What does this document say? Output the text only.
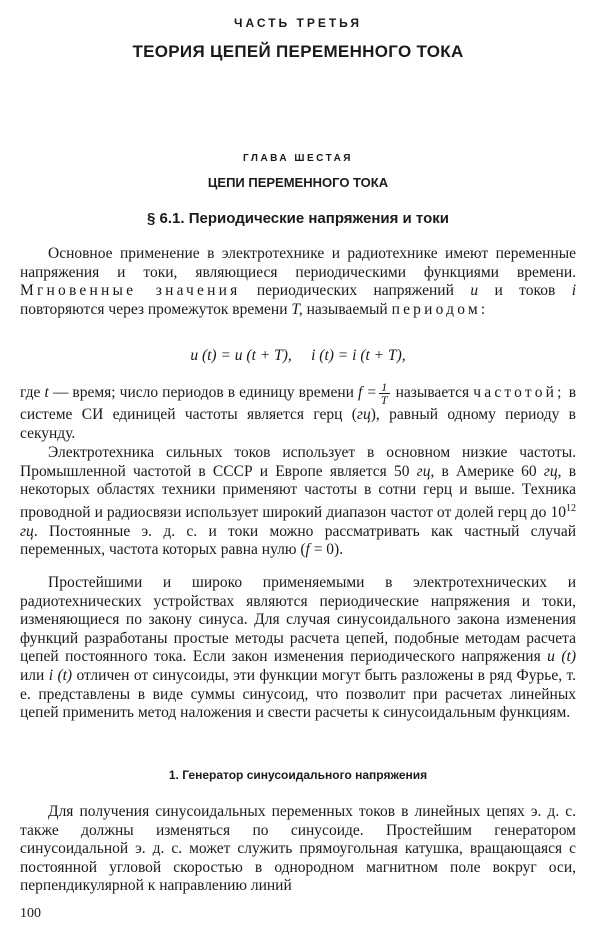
ЧАСТЬ ТРЕТЬЯ
ТЕОРИЯ ЦЕПЕЙ ПЕРЕМЕННОГО ТОКА
ГЛАВА ШЕСТАЯ
ЦЕПИ ПЕРЕМЕННОГО ТОКА
§ 6.1. Периодические напряжения и токи

Основное применение в электротехнике и радиотехнике имеют переменные напряжения и токи, являющиеся периодическими функциями времени. Мгновенные значения периодических напряжений u и токов i повторяются через промежуток времени T, называемый периодом:

u (t) = u (t + T), i (t) = i (t + T),

где t — время; число периодов в единицу времени $f = \frac{1}{T}$ называется частотой; в системе СИ единицей частоты является герц (гц), равный одному периоду в секунду.

Электротехника сильных токов использует в основном низкие частоты. Промышленной частотой в СССР и Европе является 50 гц, в Америке 60 гц, в некоторых областях техники применяют частоты в сотни герц и выше. Техника проводной и радиосвязи использует широкий диапазон частот от долей герц до $10^{12}$ гц. Постоянные э. д. с. и токи можно рассматривать как частный случай переменных, частота которых равна нулю (f = 0).

Простейшими и широко применяемыми в электротехнических и радиотехнических устройствах являются периодические напряжения и токи, изменяющиеся по закону синуса. Для случая синусоидального закона изменения функций разработаны простые методы расчета цепей, подобные методам расчета цепей постоянного тока. Если закон изменения периодического напряжения u (t) или i (t) отличен от синусоиды, эти функции могут быть разложены в ряд Фурье, т. е. представлены в виде суммы синусоид, что позволит при расчетах линейных цепей применить метод наложения и свести расчеты к синусоидальным функциям.

1. Генератор синусоидального напряжения

Для получения синусоидальных переменных токов в линейных цепях э. д. с. также должны изменяться по синусоиде. Простейшим генератором синусоидальной э. д. с. может служить прямоугольная катушка, вращающаяся с постоянной угловой скоростью в однородном магнитном поле вокруг оси, перпендикулярной к направлению линий

100
